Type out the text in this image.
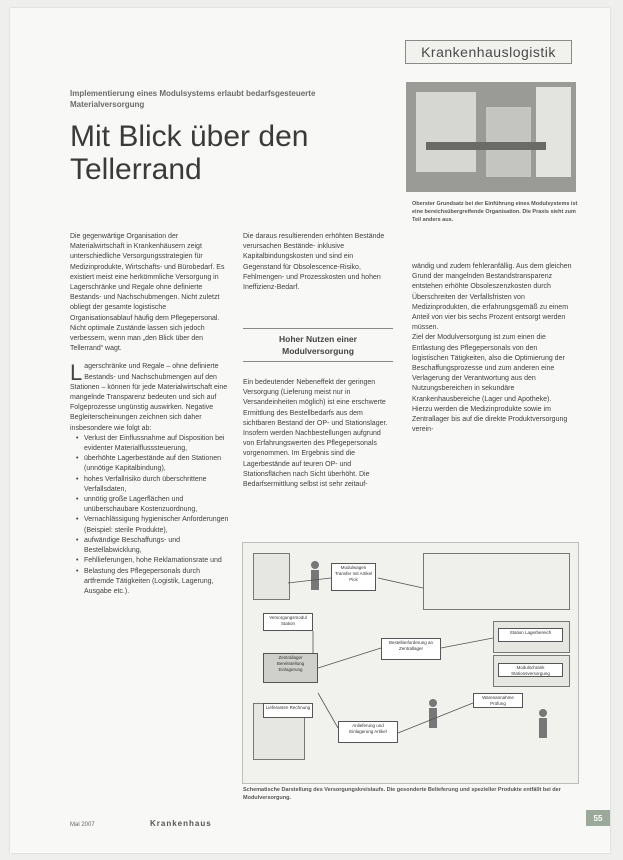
Krankenhauslogistik
Implementierung eines Modulsystems erlaubt bedarfsgesteuerte Materialversorgung
Mit Blick über den Tellerrand
Oberster Grundsatz bei der Einführung eines Modulsystems ist eine bereichsübergreifende Organisation. Die Praxis sieht zum Teil anders aus.

Die gegenwärtige Organisation der Materialwirtschaft in Krankenhäusern zeigt unterschiedliche Versorgungsstrategien für Medizinprodukte, Wirtschafts- und Bürobedarf. Es existiert meist eine herkömmliche Versorgung in Lagerschränke und Regale ohne definierte Bestands- und Nachschubmengen. Nicht zuletzt obliegt der gesamte logistische Organisationsablauf häufig dem Pflegepersonal. Nicht optimale Zustände lassen sich jedoch verbessern, wenn man „den Blick über den Tellerrand“ wagt.

L agerschränke und Regale – ohne definierte Bestands- und Nachschubmengen auf den Stationen – können für jede Materialwirtschaft eine mangelnde Transparenz bedeuten und sich auf Folgeprozesse ungünstig auswirken. Negative Begleiterscheinungen zeichnen sich daher insbesondere wie folgt ab:

• Verlust der Einflussnahme auf Disposition bei evidenter Materialflusssteuerung,
• überhöhte Lagerbestände auf den Stationen (unnötige Kapitalbindung),
• hohes Verfallrisiko durch überschrittene Verfallsdaten,
• unnötig große Lagerflächen und unüberschaubare Kostenzuordnung,
• Vernachlässigung hygienischer Anforderungen (Beispiel: sterile Produkte),
• aufwändige Beschaffungs- und Bestellabwicklung,
• Fehllieferungen, hohe Reklamationsrate und
• Belastung des Pflegepersonals durch artfremde Tätigkeiten (Logistik, Lagerung, Ausgabe etc.).

Die daraus resultierenden erhöhten Bestände verursachen Bestände- inklusive Kapitalbindungskosten und sind ein Gegenstand für Obsolescence-Risiko, Fehlmengen- und Prozesskosten und hohen Ineffizienz-Bedarf.

Hoher Nutzen einer Modulversorgung

Ein bedeutender Nebeneffekt der geringen Versorgung (Lieferung meist nur in Versandeinheiten möglich) ist eine erschwerte Ermittlung des Bestellbedarfs aus dem sichtbaren Bestand der OP- und Stationslager. Insofern werden Nachbestellungen aufgrund von Erfahrungswerten des Pflegepersonals vorgenommen. Im Ergebnis sind die Lagerbestände auf teuren OP- und Stationsflächen nach Sicht überhöht. Die Bedarfsermittlung selbst ist sehr zeitauf-

wändig und zudem fehleranfällig. Aus dem gleichen Grund der mangelnden Bestandstransparenz entstehen erhöhte Obsoleszenzkosten durch Überschreiten der Verfallsfristen von Medizinprodukten, die erfahrungsgemäß zu einem Anteil von vier bis sechs Prozent entsorgt werden müssen.

Ziel der Modulversorgung ist zum einen die Entlastung des Pflegepersonals von den logistischen Tätigkeiten, also die Optimierung der Beschaffungsprozesse und zum anderen eine Verlagerung der Verantwortung aus den Nutzungsbereichen in sekundäre Krankenhausbereiche (Lager und Apotheke).

Hierzu werden die Medizinprodukte sowie im Zentrallager bis auf die direkte Produktversorgung verein-

Modulwagen Transfer mit Artikel Pick
Versorgungsmodul Station
Zentrallager Bereitstellung Einlagerung
Bestellanforderung an Zentrallager
Anlieferung und Einlagerung Artikel
Lieferanten Rechnung
Warenannahme Prüfung
Station Lagerbereich
Modulschrank Stationsversorgung
Schematische Darstellung des Versorgungskreislaufs. Die gesonderte Belieferung und spezieller Produkte entfällt bei der Modulversorgung.
Mai 2007	Krankenhaus
55
